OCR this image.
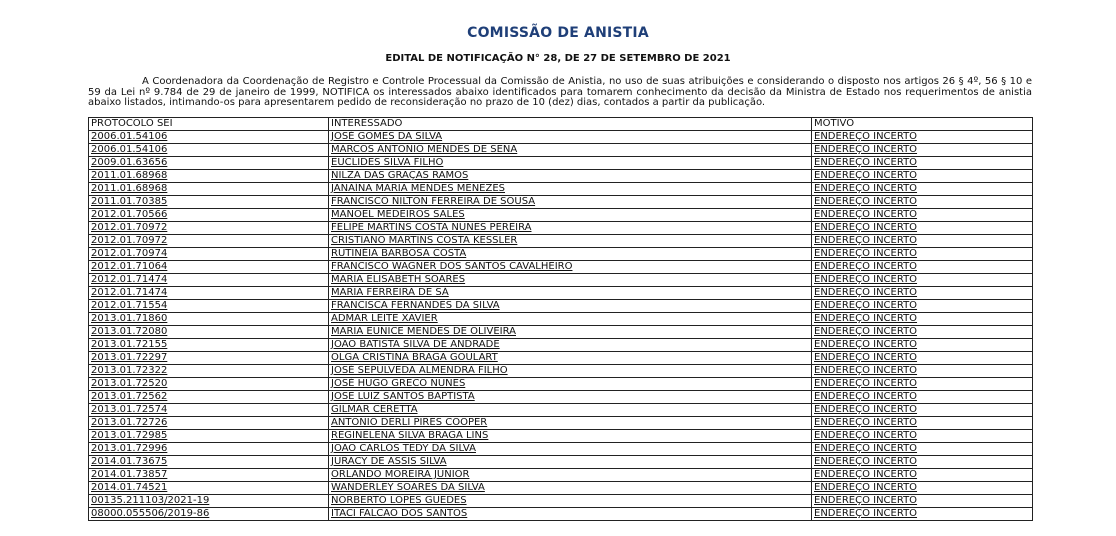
COMISSÃO DE ANISTIA
EDITAL DE NOTIFICAÇÃO N° 28, DE 27 DE SETEMBRO DE 2021

A Coordenadora da Coordenação de Registro e Controle Processual da Comissão de Anistia, no uso de suas atribuições e considerando o disposto nos artigos 26 § 4º, 56 § 10 e 59 da Lei nº 9.784 de 29 de janeiro de 1999, NOTIFICA os interessados abaixo identificados para tomarem conhecimento da decisão da Ministra de Estado nos requerimentos de anistia abaixo listados, intimando-os para apresentarem pedido de reconsideração no prazo de 10 (dez) dias, contados a partir da publicação.

PROTOCOLO SEI	INTERESSADO	MOTIVO
2006.01.54106	JOSÉ GOMES DA SILVA	ENDEREÇO INCERTO
2006.01.54106	MARCOS ANTONIO MENDES DE SENA	ENDEREÇO INCERTO
2009.01.63656	EUCLIDES SILVA FILHO	ENDEREÇO INCERTO
2011.01.68968	NILZA DAS GRAÇAS RAMOS	ENDEREÇO INCERTO
2011.01.68968	JANAÍNA MARIA MENDES MENEZES	ENDEREÇO INCERTO
2011.01.70385	FRANCISCO NILTON FERREIRA DE SOUSA	ENDEREÇO INCERTO
2012.01.70566	MANOEL MEDEIROS SALES	ENDEREÇO INCERTO
2012.01.70972	FELIPE MARTINS COSTA NUNES PEREIRA	ENDEREÇO INCERTO
2012.01.70972	CRISTIANO MARTINS COSTA KESSLER	ENDEREÇO INCERTO
2012.01.70974	RUTINÉIA BARBOSA COSTA	ENDEREÇO INCERTO
2012.01.71064	FRANCISCO WAGNER DOS SANTOS CAVALHEIRO	ENDEREÇO INCERTO
2012.01.71474	MARIA ELISABETH SOARES	ENDEREÇO INCERTO
2012.01.71474	MARIA FERREIRA DE SÁ	ENDEREÇO INCERTO
2012.01.71554	FRANCISCA FERNANDES DA SILVA	ENDEREÇO INCERTO
2013.01.71860	ADMAR LEITE XAVIER	ENDEREÇO INCERTO
2013.01.72080	MARIA EUNICE MENDES DE OLIVEIRA	ENDEREÇO INCERTO
2013.01.72155	JOÃO BATISTA SILVA DE ANDRADE	ENDEREÇO INCERTO
2013.01.72297	OLGA CRISTINA BRAGA GOULART	ENDEREÇO INCERTO
2013.01.72322	JOSÉ SEPÚLVEDA ALMENDRA FILHO	ENDEREÇO INCERTO
2013.01.72520	JOSÉ HUGO GRECO NUNES	ENDEREÇO INCERTO
2013.01.72562	JOSE LUIZ SANTOS BAPTISTA	ENDEREÇO INCERTO
2013.01.72574	GILMAR CERETTA	ENDEREÇO INCERTO
2013.01.72726	ANTONIO DERLI PIRES COOPER	ENDEREÇO INCERTO
2013.01.72985	REGINELENA SILVA BRAGA LINS	ENDEREÇO INCERTO
2013.01.72996	JOÃO CARLOS TEDY DA SILVA	ENDEREÇO INCERTO
2014.01.73675	JURACY DE ASSIS SILVA	ENDEREÇO INCERTO
2014.01.73857	ORLANDO MOREIRA JUNIOR	ENDEREÇO INCERTO
2014.01.74521	WANDERLEY SOARES DA SILVA	ENDEREÇO INCERTO
00135.211103/2021-19	NORBERTO LOPES GUEDES	ENDEREÇO INCERTO
08000.055506/2019-86	ITACI FALCÃO DOS SANTOS	ENDEREÇO INCERTO
